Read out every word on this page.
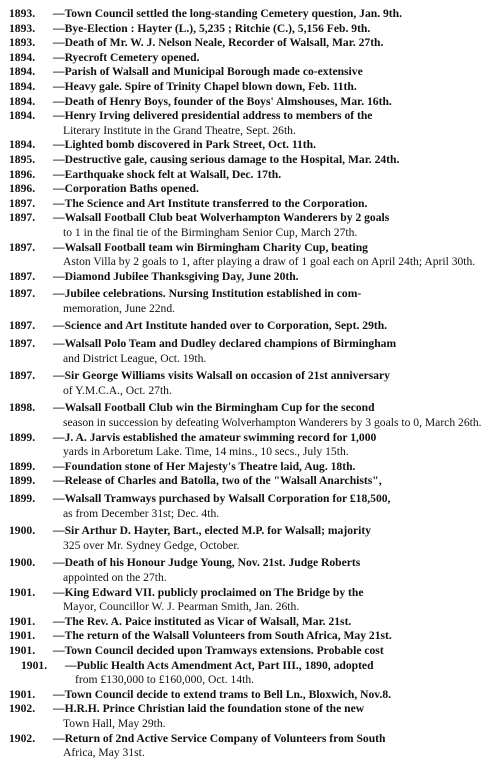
1893. —Town Council settled the long-standing Cemetery question, Jan. 9th.
1893. —Bye-Election : Hayter (L.), 5,235 ; Ritchie (C.), 5,156 Feb. 9th.
1893. —Death of Mr. W. J. Nelson Neale, Recorder of Walsall, Mar. 27th.
1894. —Ryecroft Cemetery opened.
1894. —Parish of Walsall and Municipal Borough made co-extensive
1894. —Heavy gale. Spire of Trinity Chapel blown down, Feb. 11th.
1894. —Death of Henry Boys, founder of the Boys' Almshouses, Mar. 16th.
1894. —Henry Irving delivered presidential address to members of the
Literary Institute in the Grand Theatre, Sept. 26th.
1894. —Lighted bomb discovered in Park Street, Oct. 11th.
1895. —Destructive gale, causing serious damage to the Hospital, Mar. 24th.
1896. —Earthquake shock felt at Walsall, Dec. 17th.
1896. —Corporation Baths opened.
1897. —The Science and Art Institute transferred to the Corporation.
1897. —Walsall Football Club beat Wolverhampton Wanderers by 2 goals
to 1 in the final tie of the Birmingham Senior Cup, March 27th.
1897. —Walsall Football team win Birmingham Charity Cup, beating
Aston Villa by 2 goals to 1, after playing a draw of 1 goal each on April 24th; April 30th.
1897. —Diamond Jubilee Thanksgiving Day, June 20th.
1897. —Jubilee celebrations. Nursing Institution established in com-
memoration, June 22nd.
1897. —Science and Art Institute handed over to Corporation, Sept. 29th.
1897. —Walsall Polo Team and Dudley declared champions of Birmingham
and District League, Oct. 19th.
1897. —Sir George Williams visits Walsall on occasion of 21st anniversary
of Y.M.C.A., Oct. 27th.
1898. —Walsall Football Club win the Birmingham Cup for the second
season in succession by defeating Wolverhampton Wanderers by 3 goals to 0, March 26th.
1899. —J. A. Jarvis established the amateur swimming record for 1,000
yards in Arboretum Lake. Time, 14 mins., 10 secs., July 15th.
1899. —Foundation stone of Her Majesty's Theatre laid, Aug. 18th.
1899. —Release of Charles and Batolla, two of the "Walsall Anarchists",
1899. —Walsall Tramways purchased by Walsall Corporation for £18,500,
as from December 31st; Dec. 4th.
1900. —Sir Arthur D. Hayter, Bart., elected M.P. for Walsall; majority
325 over Mr. Sydney Gedge, October.
1900. —Death of his Honour Judge Young, Nov. 21st. Judge Roberts
appointed on the 27th.
1901. —King Edward VII. publicly proclaimed on The Bridge by the
Mayor, Councillor W. J. Pearman Smith, Jan. 26th.
1901. —The Rev. A. Paice instituted as Vicar of Walsall, Mar. 21st.
1901. —The return of the Walsall Volunteers from South Africa, May 21st.
1901. —Town Council decided upon Tramways extensions. Probable cost
1901. —Public Health Acts Amendment Act, Part III., 1890, adopted
from £130,000 to £160,000, Oct. 14th.
1901. —Town Council decide to extend trams to Bell Ln., Bloxwich, Nov.8.
1902. —H.R.H. Prince Christian laid the foundation stone of the new
Town Hall, May 29th.
1902. —Return of 2nd Active Service Company of Volunteers from South
Africa, May 31st.
